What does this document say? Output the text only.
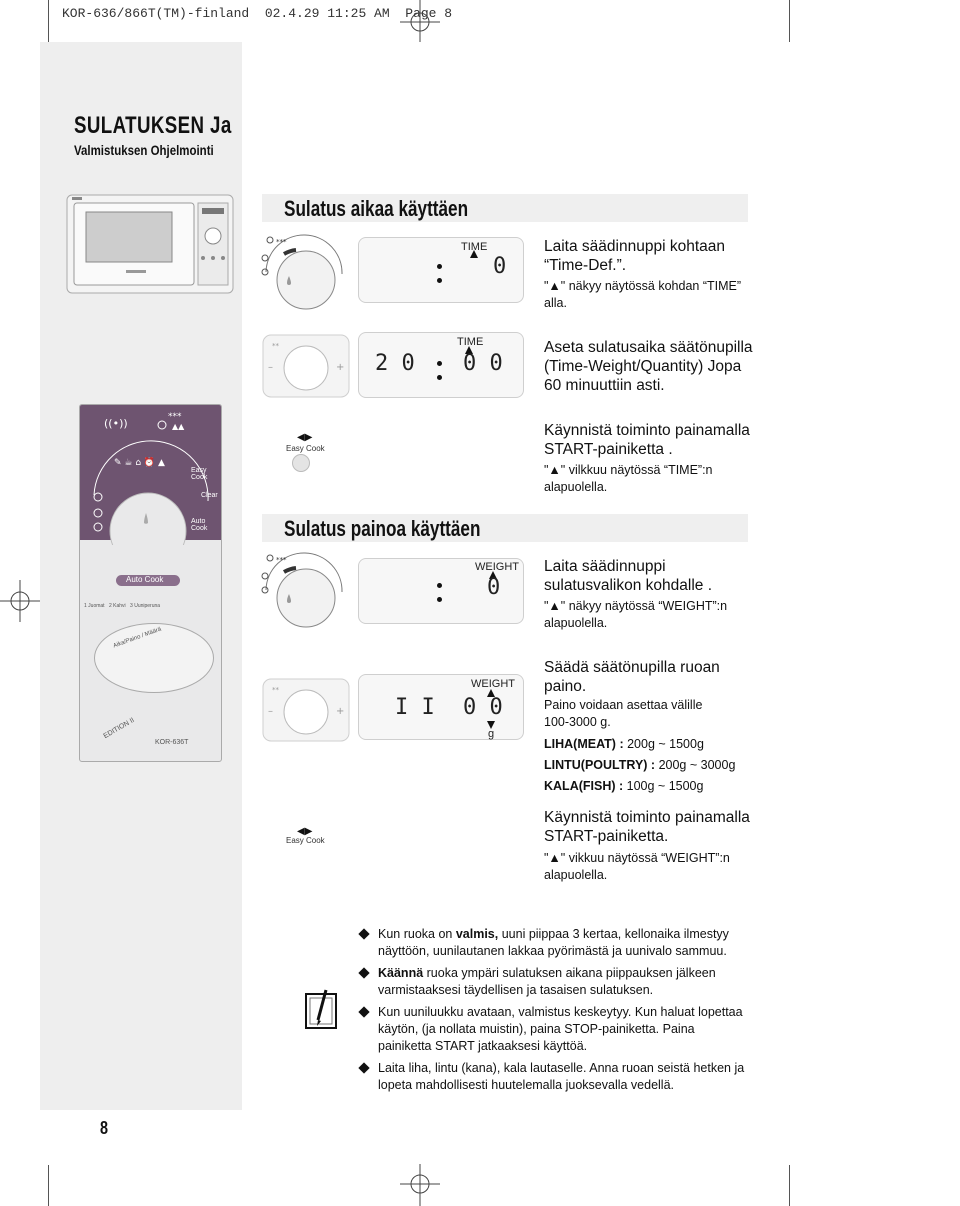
KOR-636/866T(TM)-finland  02.4.29 11:25 AM  Page 8
SULATUKSEN Ja
Valmistuksen Ohjelmointi
((•))	***
▲▲
✎ ☕ ⌂ ⏰ ▲
Easy Cook
Clear
Auto Cook
Auto Cook
1 Juomat 2 Kahvi 3 Uuniperuna
Aika/Paino / Määrä
EDITION II
KOR-636T
Sulatus aikaa käyttäen
***	TIME
0
Laita säädinnuppi kohtaan “Time-Def.”.
"▲" näkyy näytössä kohdan “TIME” alla.
**
–	+
TIME
2 0 0 0
Aseta sulatusaika säätönupilla (Time-Weight/Quantity) Jopa 60 minuuttiin asti.
◀▶
Easy Cook
Käynnistä toiminto painamalla START-painiketta .
"▲" vilkkuu näytössä “TIME”:n alapuolella.
Sulatus painoa käyttäen
***
WEIGHT
0
Laita säädinnuppi sulatusvalikon kohdalle .
"▲" näkyy näytössä “WEIGHT”:n alapuolella.
**
–	+
WEIGHT
I I 0 0
g
Säädä säätönupilla ruoan paino.
Paino voidaan asettaa välille 100-3000 g.
LIHA(MEAT) : 200g ~ 1500g
LINTU(POULTRY) : 200g ~ 3000g
KALA(FISH) : 100g ~ 1500g
◀▶
Easy Cook
Käynnistä toiminto painamalla START-painiketta.
"▲" vikkuu näytössä “WEIGHT”:n alapuolella.
Kun ruoka on valmis, uuni piippaa 3 kertaa, kellonaika ilmestyy näyttöön, uunilautanen lakkaa pyörimästä ja uunivalo sammuu.
Käännä ruoka ympäri sulatuksen aikana piippauksen jälkeen varmistaaksesi täydellisen ja tasaisen sulatuksen.
Kun uuniluukku avataan, valmistus keskeytyy. Kun haluat lopettaa käytön, (ja nollata muistin), paina STOP-painiketta. Paina painiketta START jatkaaksesi käyttöä.
Laita liha, lintu (kana), kala lautaselle. Anna ruoan seistä hetken ja lopeta mahdollisesti huutelemalla juoksevalla vedellä.
8
